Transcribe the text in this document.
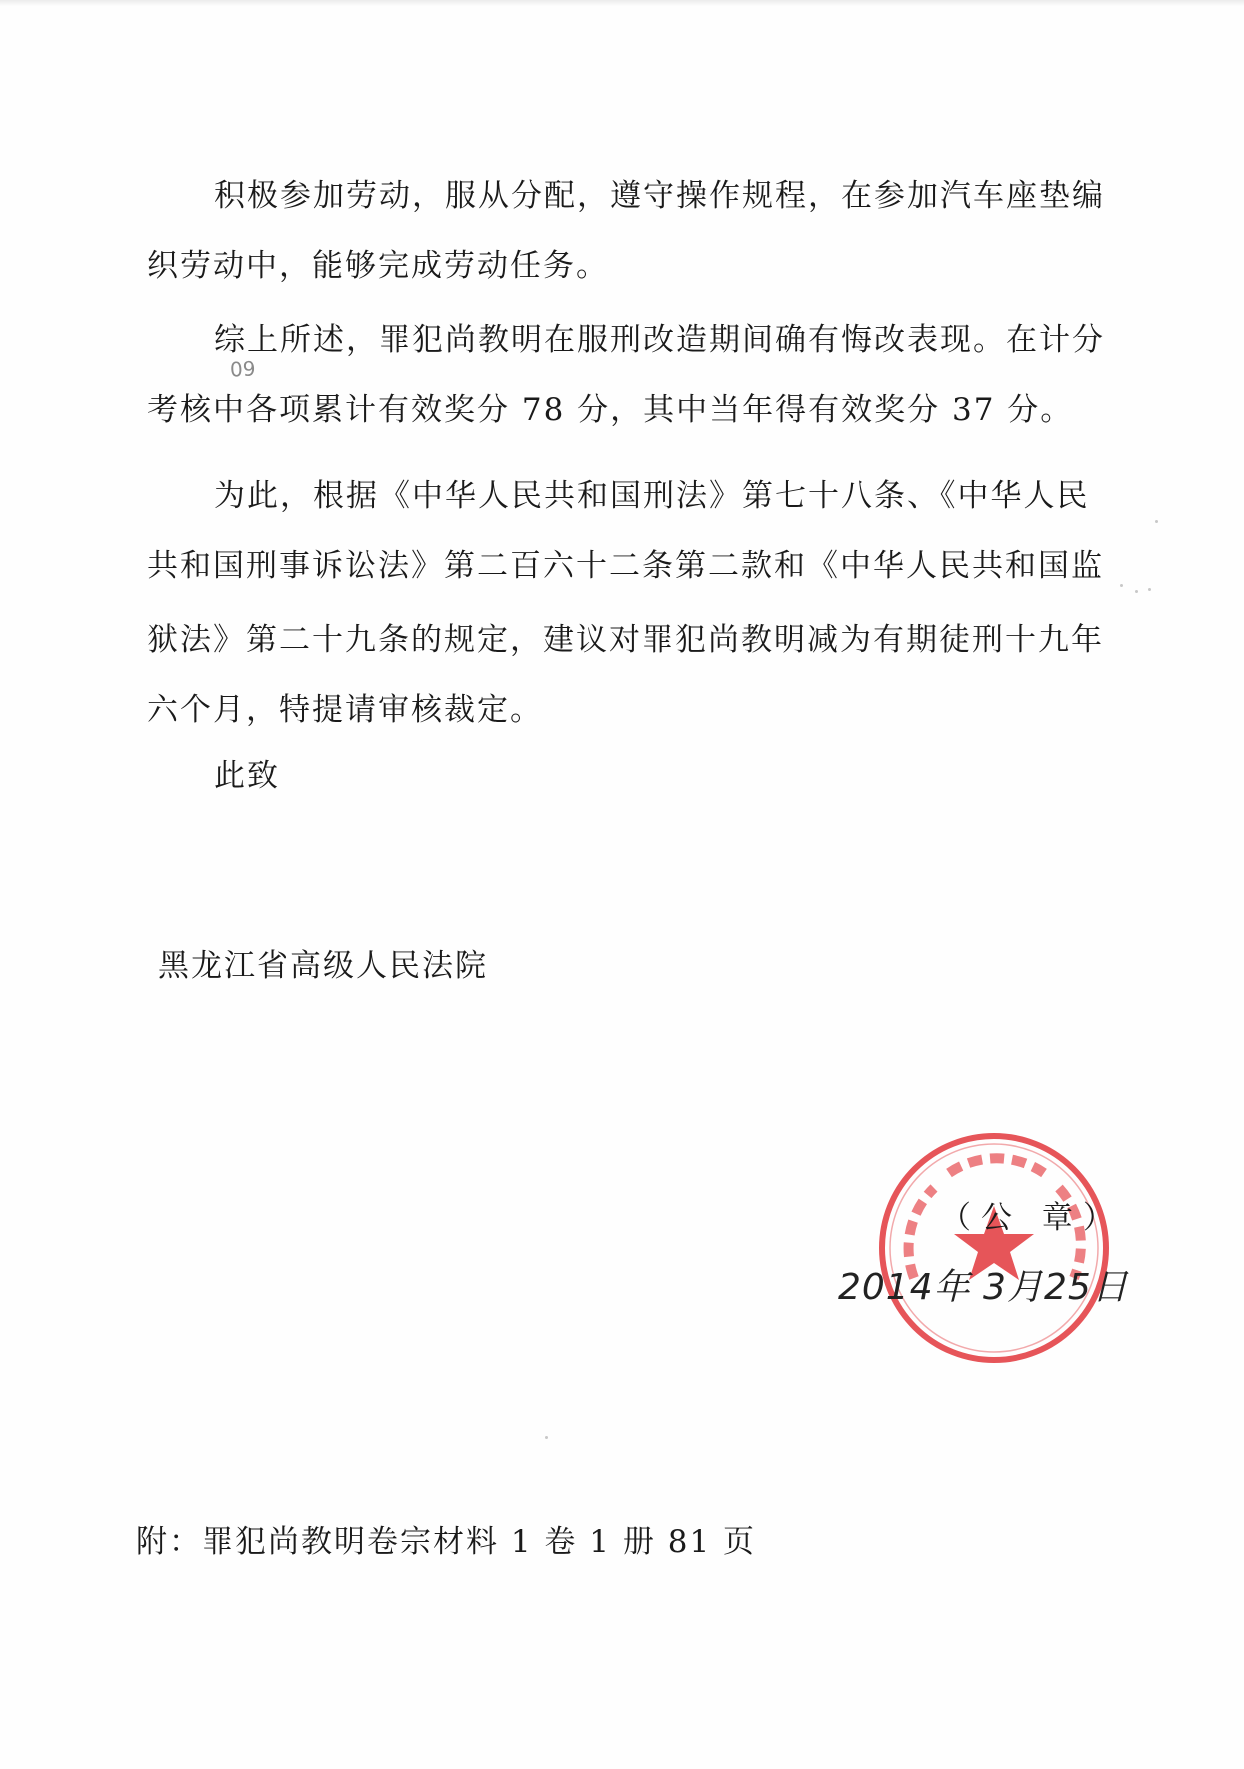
积极参加劳动，服从分配，遵守操作规程，在参加汽车座垫编
织劳动中，能够完成劳动任务。
综上所述，罪犯尚教明在服刑改造期间确有悔改表现。在计分
09
考核中各项累计有效奖分 78 分，其中当年得有效奖分 37 分。
为此，根据《中华人民共和国刑法》第七十八条、《中华人民
共和国刑事诉讼法》第二百六十二条第二款和《中华人民共和国监
狱法》第二十九条的规定，建议对罪犯尚教明减为有期徒刑十九年
六个月，特提请审核裁定。
此致
黑龙江省高级人民法院
（公 章）
2014年 3月25日
附：罪犯尚教明卷宗材料 1 卷 1 册 81 页
